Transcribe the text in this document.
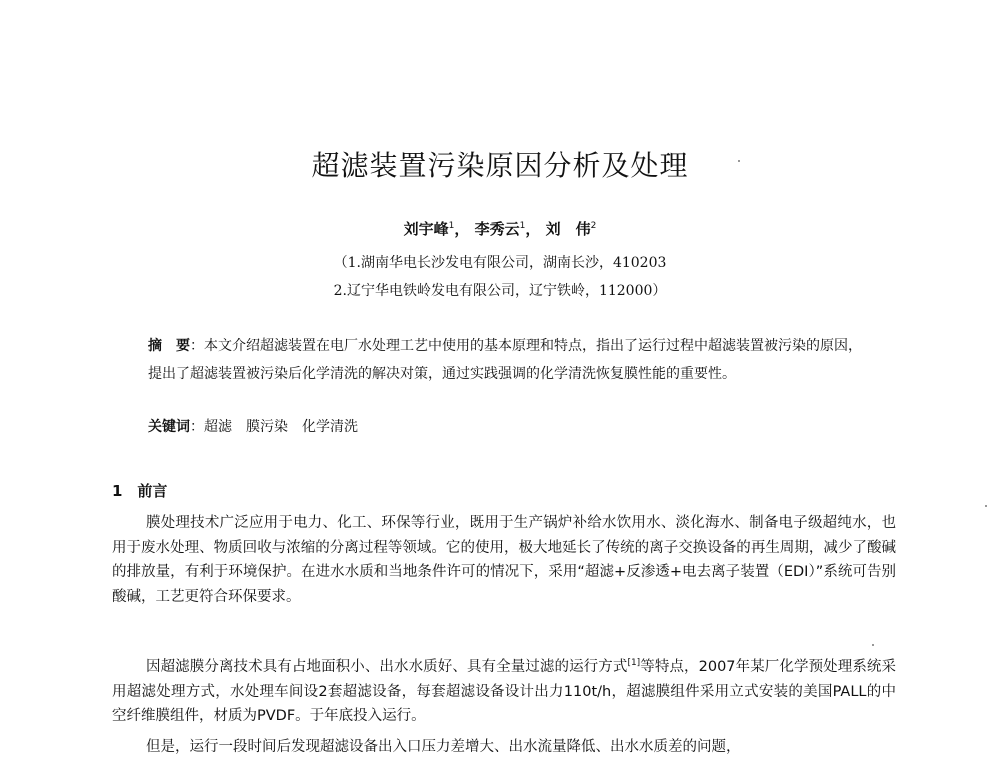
超滤装置污染原因分析及处理
刘宇峰$^1$， 李秀云$^1$， 刘　伟$^2$
（1.湖南华电长沙发电有限公司，湖南长沙，410203
2.辽宁华电铁岭发电有限公司，辽宁铁岭，112000）
摘　要：本文介绍超滤装置在电厂水处理工艺中使用的基本原理和特点，指出了运行过程中超滤装置被污染的原因，提出了超滤装置被污染后化学清洗的解决对策，通过实践强调的化学清洗恢复膜性能的重要性。
关键词：超滤　膜污染　化学清洗
1　前言
膜处理技术广泛应用于电力、化工、环保等行业，既用于生产锅炉补给水饮用水、淡化海水、制备电子级超纯水，也用于废水处理、物质回收与浓缩的分离过程等领域。它的使用，极大地延长了传统的离子交换设备的再生周期，减少了酸碱的排放量，有利于环境保护。在进水水质和当地条件许可的情况下，采用“超滤+反渗透+电去离子装置（EDI）”系统可告别酸碱，工艺更符合环保要求。
因超滤膜分离技术具有占地面积小、出水水质好、具有全量过滤的运行方式[1]等特点，2007年某厂化学预处理系统采用超滤处理方式，水处理车间设2套超滤设备，每套超滤设备设计出力110t/h，超滤膜组件采用立式安装的美国PALL的中空纤维膜组件，材质为PVDF。于年底投入运行。
但是，运行一段时间后发现超滤设备出入口压力差增大、出水流量降低、出水水质差的问题，
